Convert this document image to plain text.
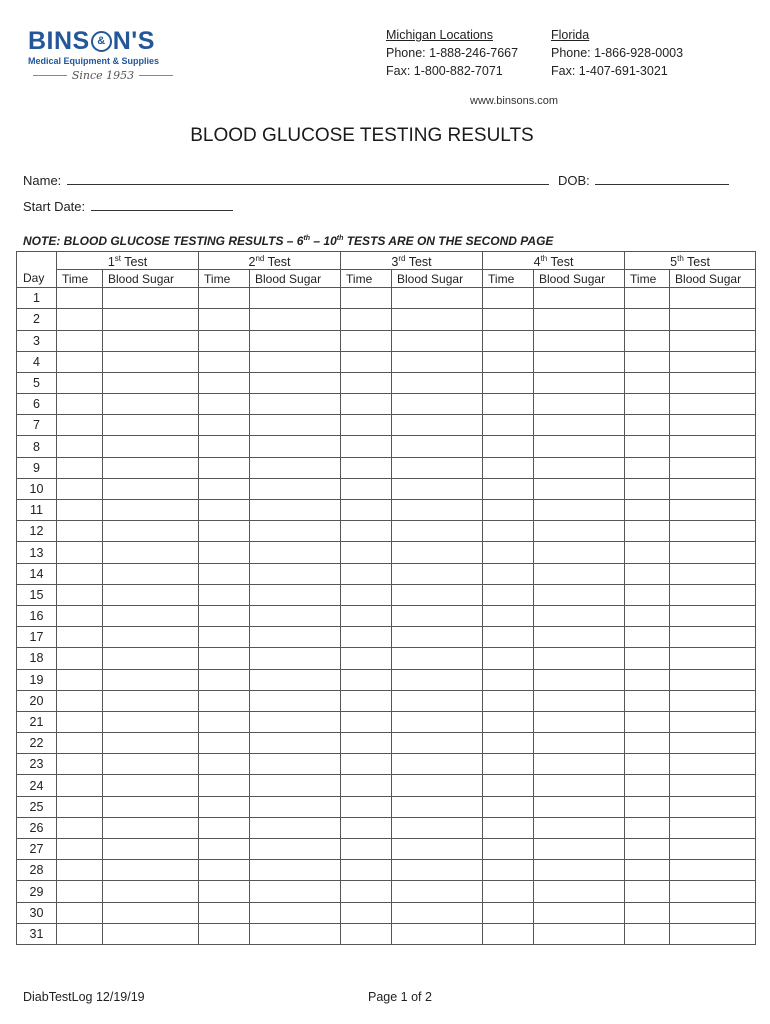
BINS & N'S
Medical Equipment & Supplies
Since 1953
Michigan Locations
Phone: 1-888-246-7667
Fax: 1-800-882-7071
Florida
Phone: 1-866-928-0003
Fax: 1-407-691-3021
www.binsons.com
BLOOD GLUCOSE TESTING RESULTS
Name:	DOB:
Start Date:
NOTE: BLOOD GLUCOSE TESTING RESULTS – 6th – 10th TESTS ARE ON THE SECOND PAGE
	1st Test		2nd Test		3rd Test		4th Test		5th Test	
Day	Time	Blood Sugar	Time	Blood Sugar	Time	Blood Sugar	Time	Blood Sugar	Time	Blood Sugar
1										
2										
3										
4										
5										
6										
7										
8										
9										
10										
11										
12										
13										
14										
15										
16										
17										
18										
19										
20										
21										
22										
23										
24										
25										
26										
27										
28										
29										
30										
31										
DiabTestLog 12/19/19	Page 1 of 2
